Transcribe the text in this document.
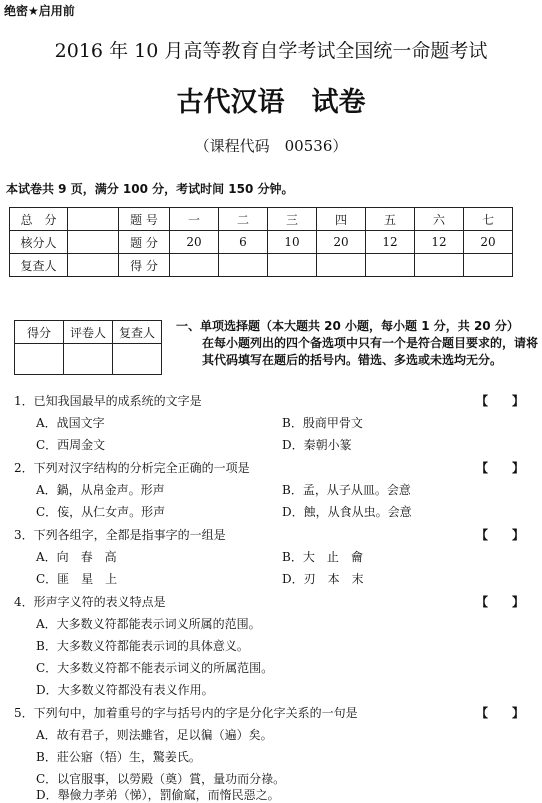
绝密★启用前
2016 年 10 月高等教育自学考试全国统一命题考试
古代汉语　试卷
（课程代码　00536）
本试卷共 9 页，满分 100 分，考试时间 150 分钟。
总　分		题 号	一	二	三	四	五	六	七
核分人		题 分	20	6	10	20	12	12	20
复查人		得 分							
得分	评卷人	复查人
		一、单项选择题（本大题共 20 小题，每小题 1 分，共 20 分）
在每小题列出的四个备选项中只有一个是符合题目要求的，请将其代码填写在题后的括号内。错选、多选或未选均无分。
1．已知我国最早的成系统的文字是	【　　】
A．战国文字	B．殷商甲骨文
C．西周金文	D．秦朝小篆
2．下列对汉字结构的分析完全正确的一项是	【　　】
A．鍋，从帛金声。形声	B．孟，从子从皿。会意
C．侫，从仁女声。形声	D．蝕，从食从虫。会意
3．下列各组字，全都是指事字的一组是	【　　】
A．向　春　高	B．大　止　龠
C．匪　星　上	D．刃　本　末
4．形声字义符的表义特点是	【　　】
A．大多数义符都能表示词义所属的范围。
B．大多数义符都能表示词的具体意义。
C．大多数义符都不能表示词义的所属范围。
D．大多数义符都没有表义作用。
5．下列句中，加着重号的字与括号内的字是分化字关系的一句是	【　　】
A．故有君子，则法雖省，足以徧（遍）矣。
B．莊公寤（牾）生，驚姜氏。
C．以官服事，以勞殿（奠）賞，量功而分祿。
D．舉儉力孝弟（悌），罰偷窳，而惰民惡之。
